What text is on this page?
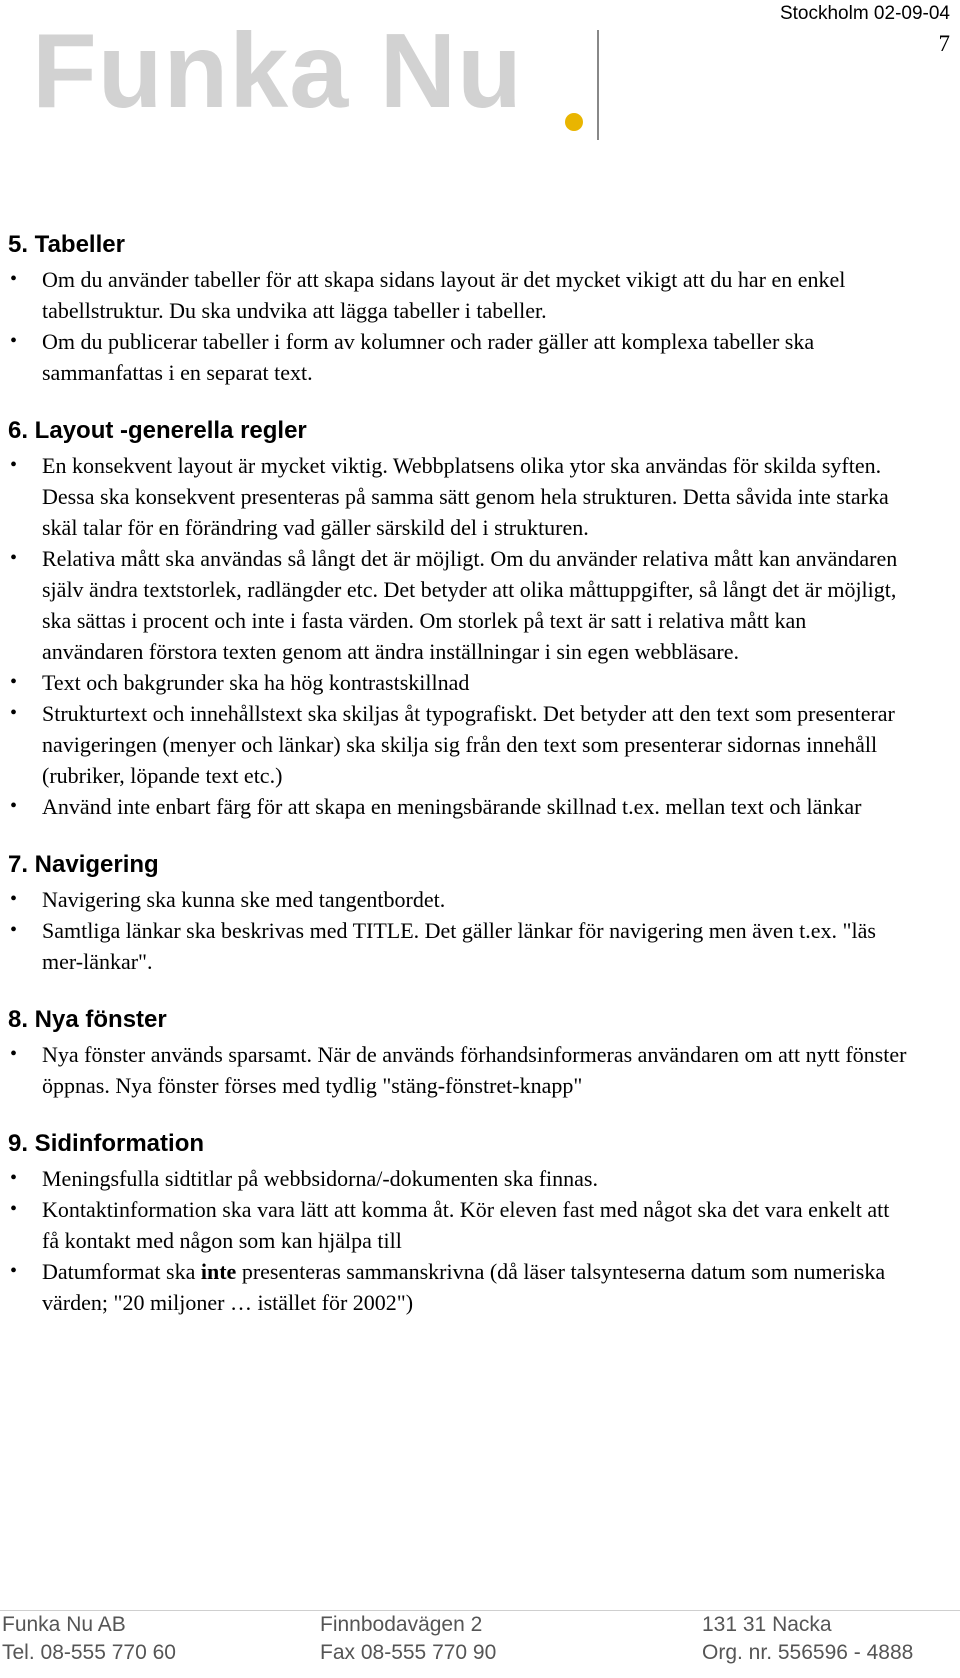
Stockholm 02-09-04
7
Funka Nu
5. Tabeller
• Om du använder tabeller för att skapa sidans layout är det mycket vikigt att du har en enkel tabellstruktur. Du ska undvika att lägga tabeller i tabeller.
• Om du publicerar tabeller i form av kolumner och rader gäller att komplexa tabeller ska sammanfattas i en separat text.
6. Layout -generella regler
• En konsekvent layout är mycket viktig. Webbplatsens olika ytor ska användas för skilda syften. Dessa ska konsekvent presenteras på samma sätt genom hela strukturen. Detta såvida inte starka skäl talar för en förändring vad gäller särskild del i strukturen.
• Relativa mått ska användas så långt det är möjligt. Om du använder relativa mått kan användaren själv ändra textstorlek, radlängder etc. Det betyder att olika måttuppgifter, så långt det är möjligt, ska sättas i procent och inte i fasta värden. Om storlek på text är satt i relativa mått kan användaren förstora texten genom att ändra inställningar i sin egen webbläsare.
• Text och bakgrunder ska ha hög kontrastskillnad
• Strukturtext och innehållstext ska skiljas åt typografiskt. Det betyder att den text som presenterar navigeringen (menyer och länkar) ska skilja sig från den text som presenterar sidornas innehåll (rubriker, löpande text etc.)
• Använd inte enbart färg för att skapa en meningsbärande skillnad t.ex. mellan text och länkar
7. Navigering
• Navigering ska kunna ske med tangentbordet.
• Samtliga länkar ska beskrivas med TITLE. Det gäller länkar för navigering men även t.ex. "läs mer-länkar".
8. Nya fönster
• Nya fönster används sparsamt. När de används förhandsinformeras användaren om att nytt fönster öppnas. Nya fönster förses med tydlig "stäng-fönstret-knapp"
9. Sidinformation
• Meningsfulla sidtitlar på webbsidorna/-dokumenten ska finnas.
• Kontaktinformation ska vara lätt att komma åt. Kör eleven fast med något ska det vara enkelt att få kontakt med någon som kan hjälpa till
• Datumformat ska inte presenteras sammanskrivna (då läser talsynteserna datum som numeriska värden; "20 miljoner … istället för 2002")
Funka Nu AB	Finnbodavägen 2	131 31 Nacka
Tel. 08-555 770 60	Fax 08-555 770 90	Org. nr. 556596 - 4888
